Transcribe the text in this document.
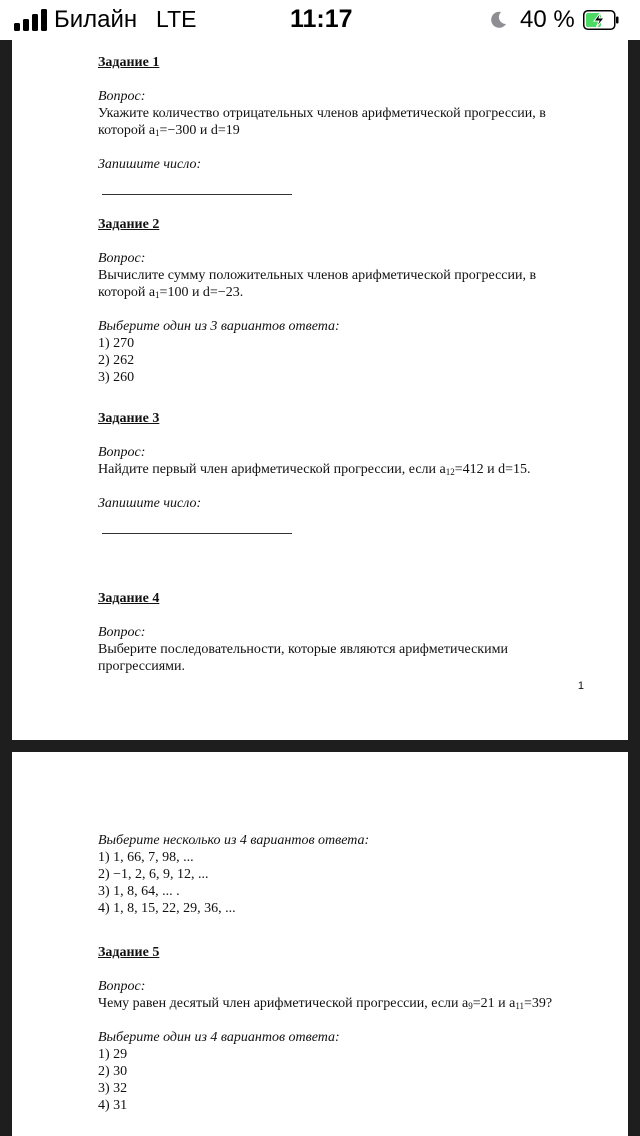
Билайн LTE	11:17	40 %
Задание 1
Вопрос:
Укажите количество отрицательных членов арифметической прогрессии, в которой $a_1=-300$ и d=19
Запишите число:
Задание 2
Вопрос:
Вычислите сумму положительных членов арифметической прогрессии, в которой $a_1=100$ и d=−23.
Выберите один из 3 вариантов ответа:
1) 270
2) 262
3) 260
Задание 3
Вопрос:
Найдите первый член арифметической прогрессии, если $a_{12}=412$ и d=15.
Запишите число:
Задание 4
Вопрос:
Выберите последовательности, которые являются арифметическими прогрессиями.
1
Выберите несколько из 4 вариантов ответа:
1) 1, 66, 7, 98, ...
2) −1, 2, 6, 9, 12, ...
3) 1, 8, 64, ... .
4) 1, 8, 15, 22, 29, 36, ...
Задание 5
Вопрос:
Чему равен десятый член арифметической прогрессии, если $a_9=21$ и $a_{11}=39$?
Выберите один из 4 вариантов ответа:
1) 29
2) 30
3) 32
4) 31
